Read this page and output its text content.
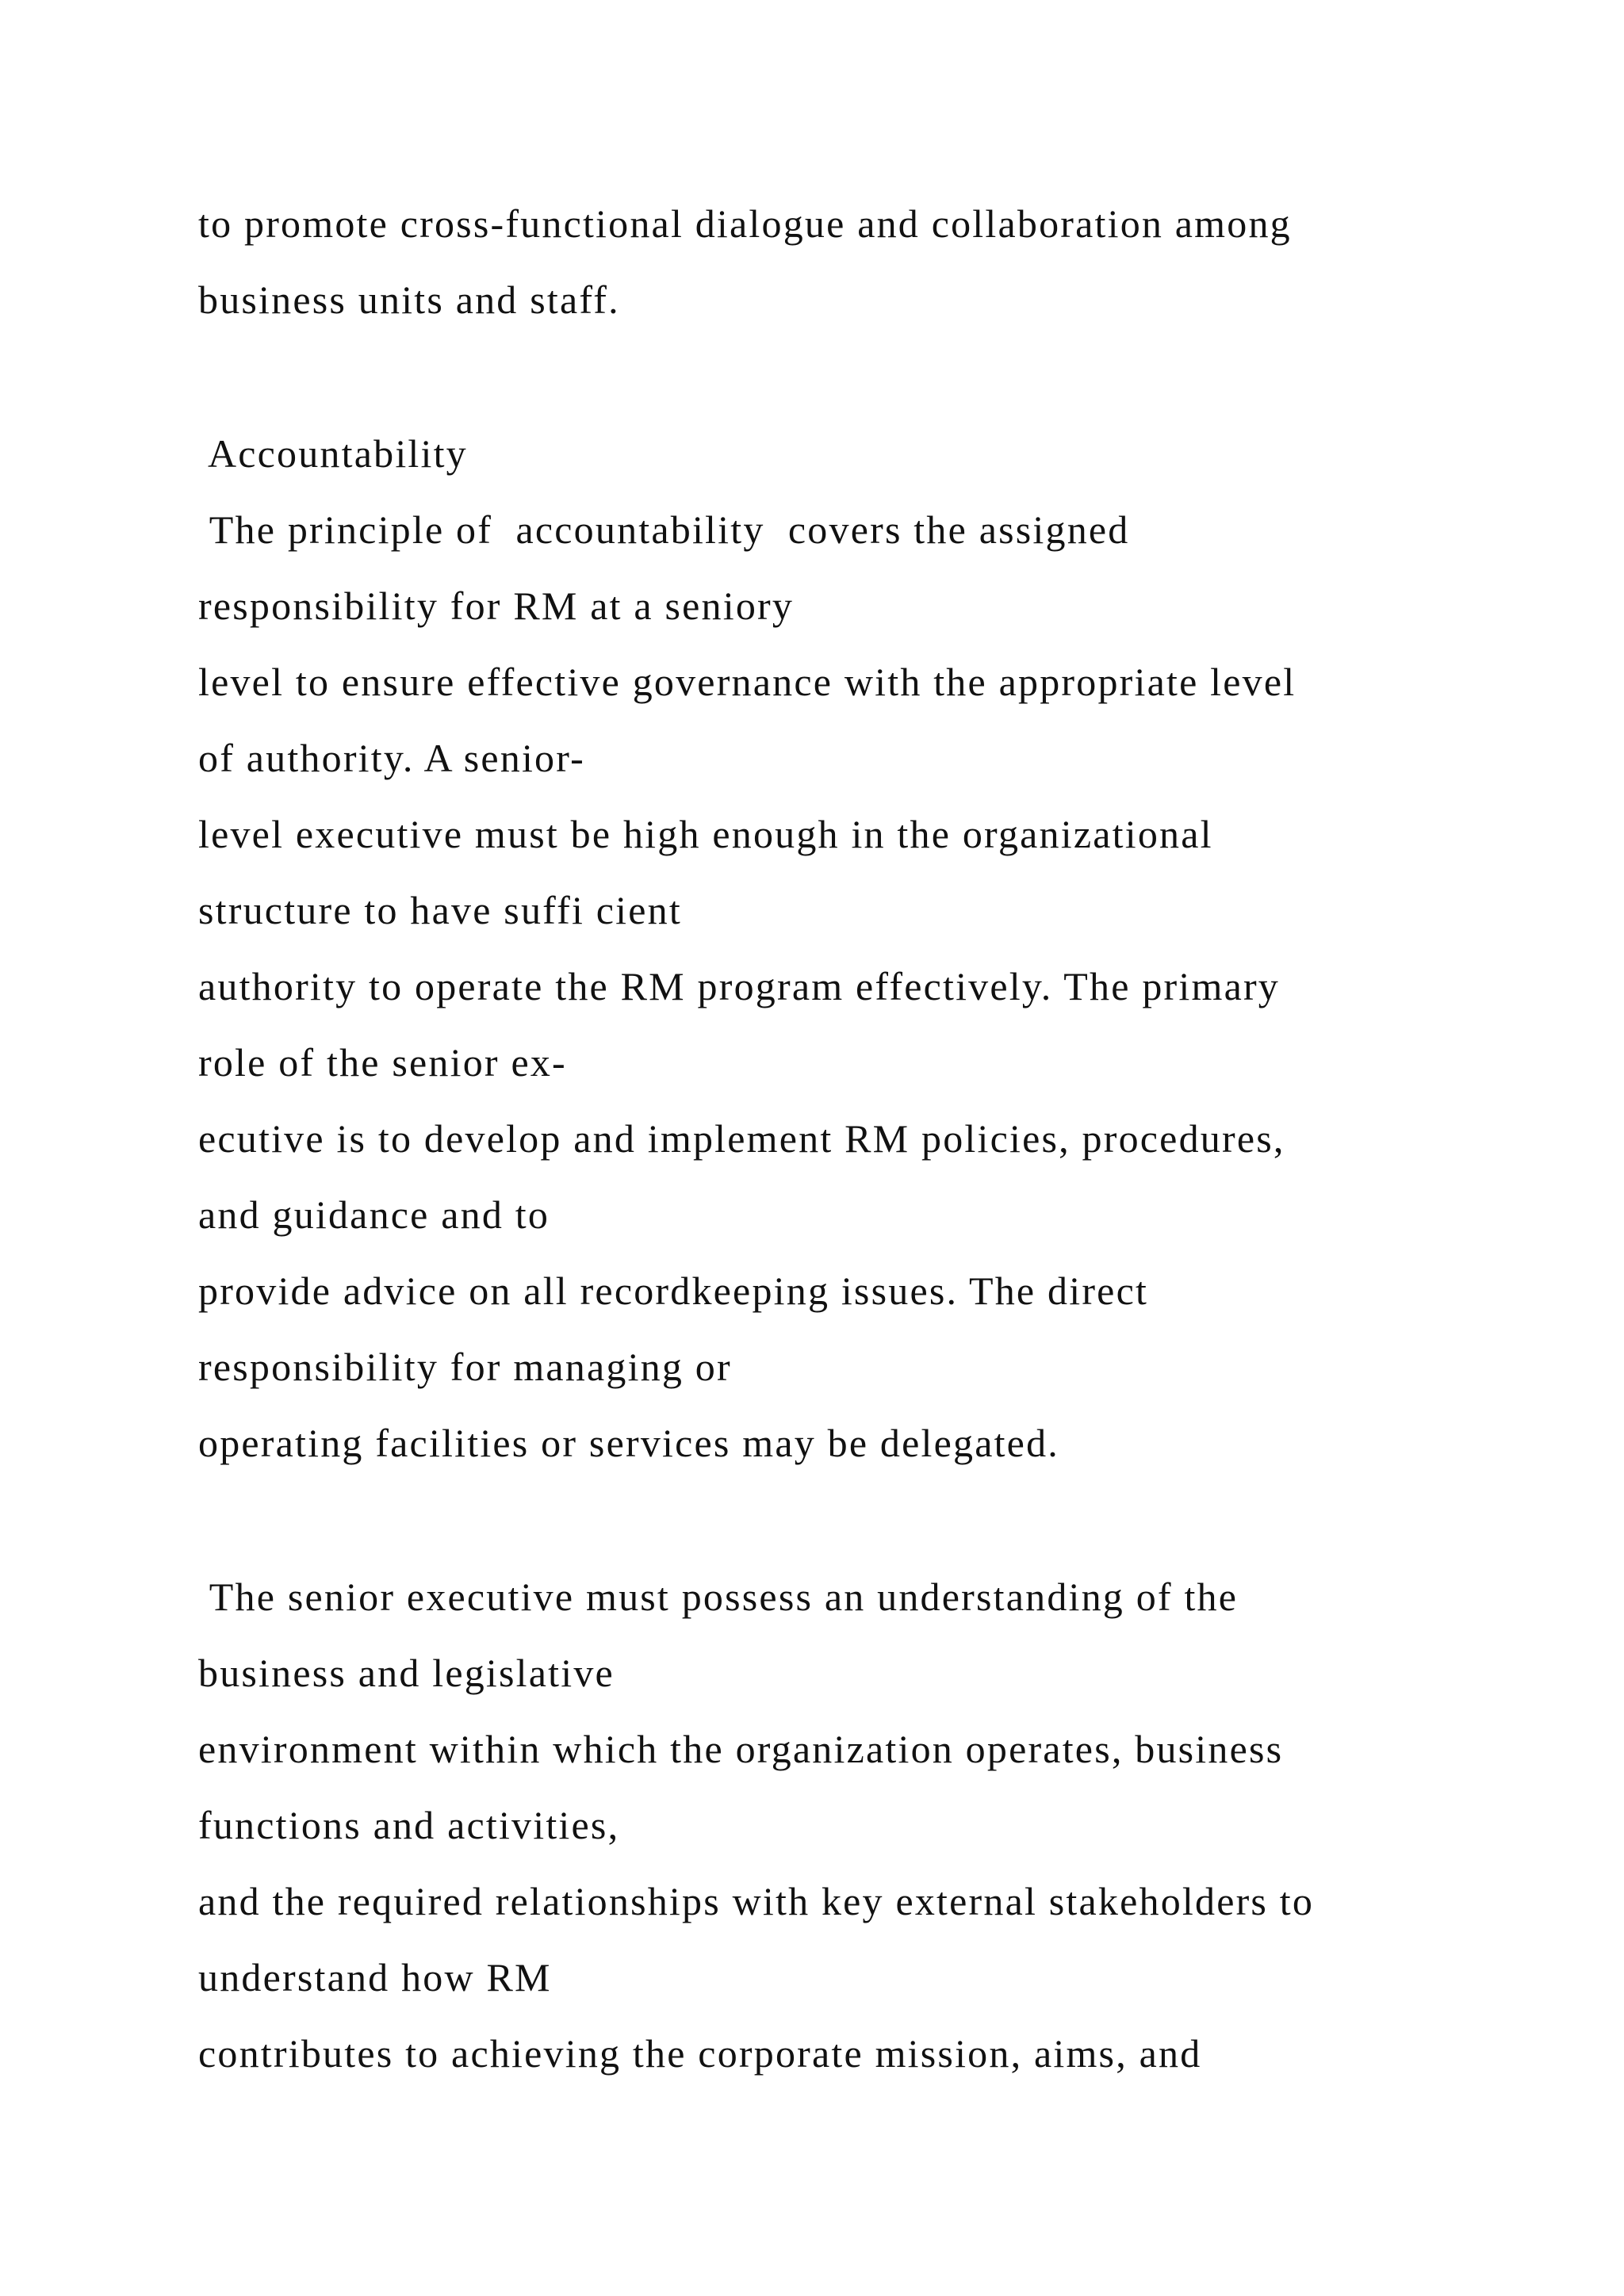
to promote cross-functional dialogue and collaboration among

business units and staff.

Accountability

The principle of  accountability  covers the assigned

responsibility for RM at a seniory

level to ensure effective governance with the appropriate level

of authority. A senior-

level executive must be high enough in the organizational

structure to have suffi cient

authority to operate the RM program effectively. The primary

role of the senior ex-

ecutive is to develop and implement RM policies, procedures,

and guidance and to

provide advice on all recordkeeping issues. The direct

responsibility for managing or

operating facilities or services may be delegated.

The senior executive must possess an understanding of the

business and legislative

environment within which the organization operates, business

functions and activities,

and the required relationships with key external stakeholders to

understand how RM

contributes to achieving the corporate mission, aims, and
